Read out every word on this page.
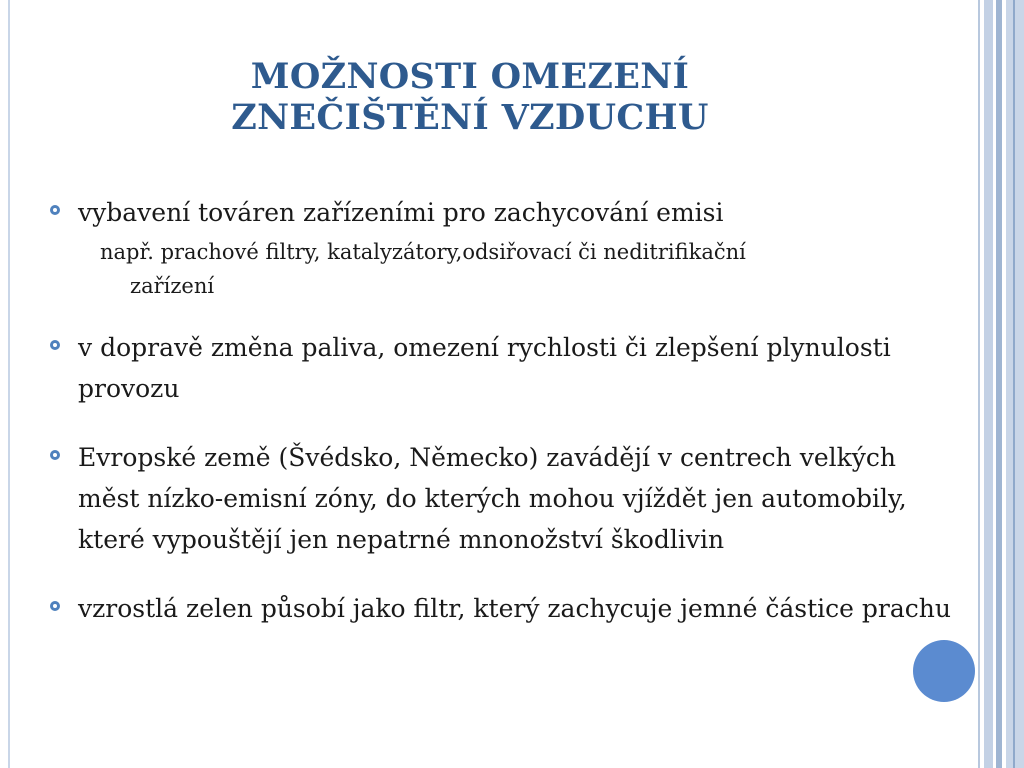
MOŽNOSTI OMEZENÍ
ZNEČIŠTĚNÍ VZDUCHU
vybavení továren zařízeními pro zachycování emisi
např. prachové filtry, katalyzátory,odsiřovací či neditrifikační
zařízení
v dopravě změna paliva, omezení rychlosti či zlepšení plynulosti provozu
Evropské země (Švédsko, Německo) zavádějí v centrech velkých měst nízko-emisní zóny, do kterých mohou vjíždět jen automobily, které vypouštějí jen nepatrné mnonožství škodlivin
vzrostlá zelen působí jako filtr, který zachycuje jemné částice prachu
